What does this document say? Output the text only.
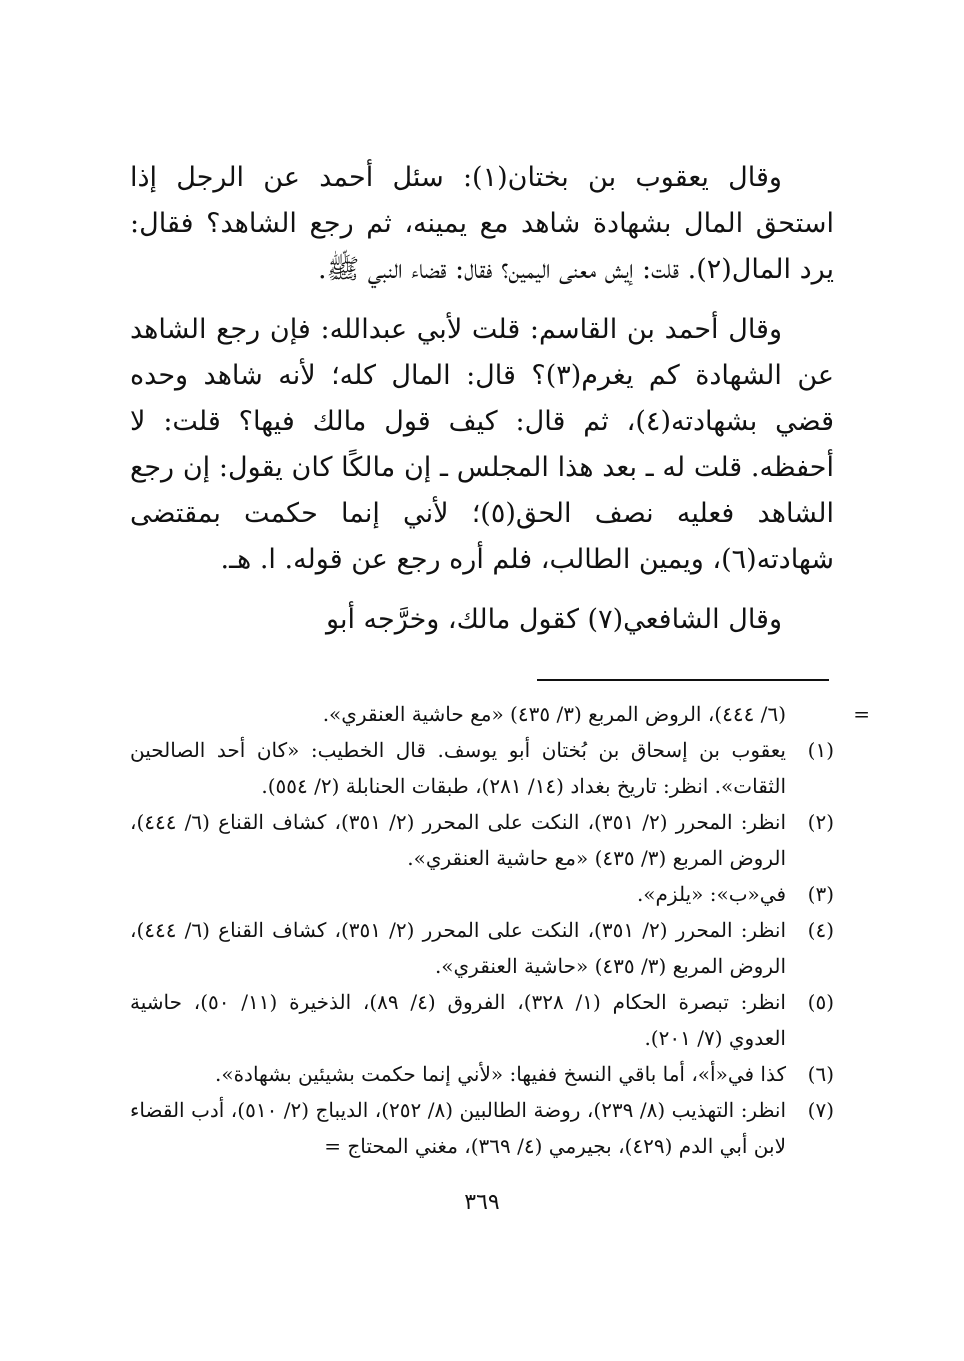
وقال يعقوب بن بختان(١): سئل أحمد عن الرجل إذا استحق المال بشهادة شاهد مع يمينه، ثم رجع الشاهد؟ فقال: يرد المال(٢). قلت: إيش معنى اليمين؟ فقال: قضاء النبي ﷺ.

وقال أحمد بن القاسم: قلت لأبي عبدالله: فإن رجع الشاهد عن الشهادة كم يغرم(٣)؟ قال: المال كله؛ لأنه شاهد وحده قضي بشهادته(٤)، ثم قال: كيف قول مالك فيها؟ قلت: لا أحفظه. قلت له ـ بعد هذا المجلس ـ إن مالكًا كان يقول: إن رجع الشاهد فعليه نصف الحق(٥)؛ لأني إنما حكمت بمقتضى شهادته(٦)، ويمين الطالب، فلم أره رجع عن قوله. ا. هـ.

وقال الشافعي(٧) كقول مالك، وخرَّجه أبو

=
(٦/ ٤٤٤)، الروض المربع (٣/ ٤٣٥) «مع حاشية العنقري».
(١)
يعقوب بن إسحاق بن بُختان أبو يوسف. قال الخطيب: «كان أحد الصالحين الثقات». انظر: تاريخ بغداد (١٤/ ٢٨١)، طبقات الحنابلة (٢/ ٥٥٤).
(٢)
انظر: المحرر (٢/ ٣٥١)، النكت على المحرر (٢/ ٣٥١)، كشاف القناع (٦/ ٤٤٤)، الروض المربع (٣/ ٤٣٥) «مع حاشية العنقري».
(٣)
في«ب»: «يلزم».
(٤)
انظر: المحرر (٢/ ٣٥١)، النكت على المحرر (٢/ ٣٥١)، كشاف القناع (٦/ ٤٤٤)، الروض المربع (٣/ ٤٣٥) «حاشية العنقري».
(٥)
انظر: تبصرة الحكام (١/ ٣٢٨)، الفروق (٤/ ٨٩)، الذخيرة (١١/ ٥٠)، حاشية العدوي (٧/ ٢٠١).
(٦)
كذا في«أ»، أما باقي النسخ ففيها: «لأني إنما حكمت بشيئين بشهادة».
(٧)
انظر: التهذيب (٨/ ٢٣٩)، روضة الطالبين (٨/ ٢٥٢)، الديباج (٢/ ٥١٠)، أدب القضاء لابن أبي الدم (٤٢٩)، بجيرمي (٤/ ٣٦٩)، مغني المحتاج =
٣٦٩
